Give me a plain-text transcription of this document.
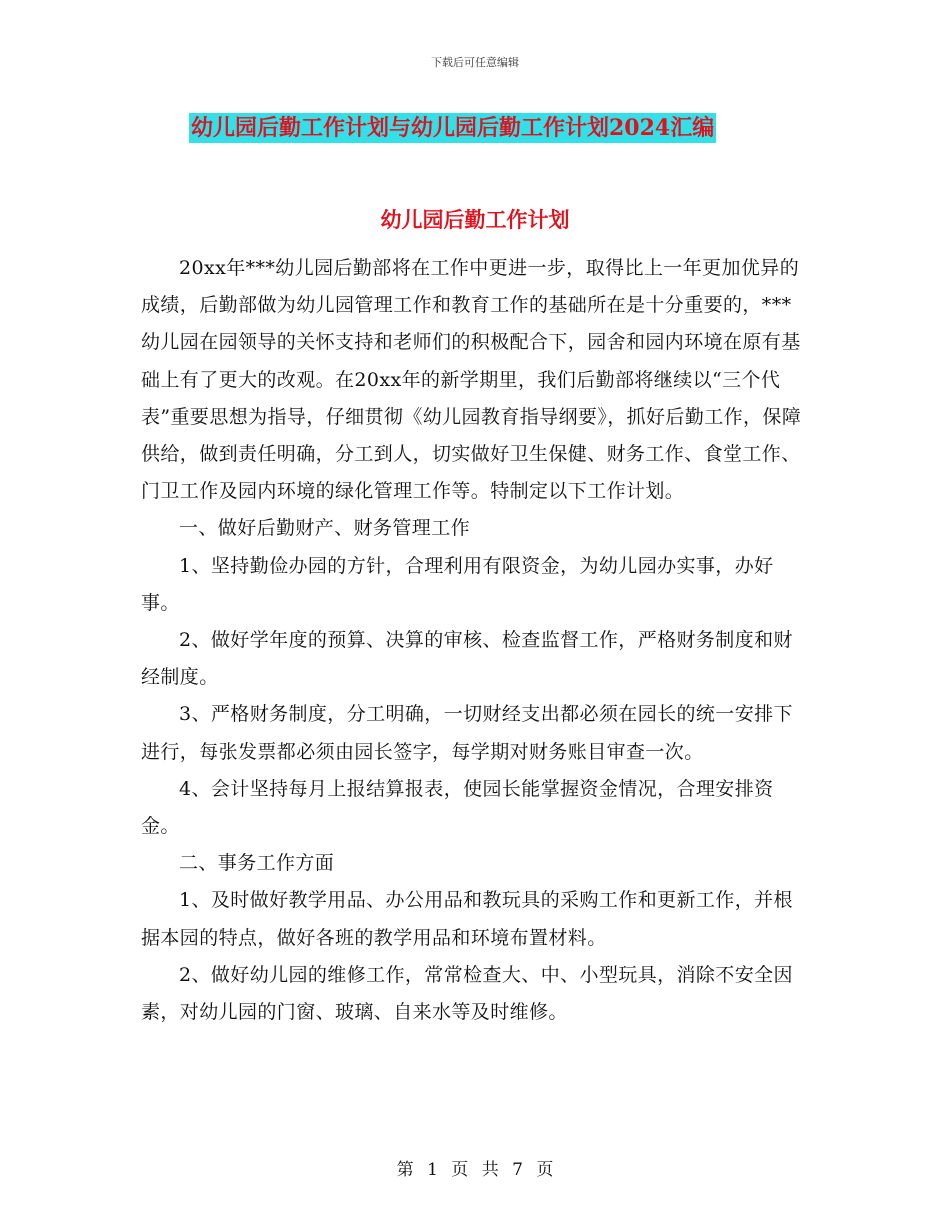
下载后可任意编辑
幼儿园后勤工作计划与幼儿园后勤工作计划2024汇编
幼儿园后勤工作计划

20xx年***幼儿园后勤部将在工作中更进一步，取得比上一年更加优异的成绩，后勤部做为幼儿园管理工作和教育工作的基础所在是十分重要的，***幼儿园在园领导的关怀支持和老师们的积极配合下，园舍和园内环境在原有基础上有了更大的改观。在20xx年的新学期里，我们后勤部将继续以“三个代表”重要思想为指导，仔细贯彻《幼儿园教育指导纲要》，抓好后勤工作，保障供给，做到责任明确，分工到人，切实做好卫生保健、财务工作、食堂工作、门卫工作及园内环境的绿化管理工作等。特制定以下工作计划。

一、做好后勤财产、财务管理工作

1、坚持勤俭办园的方针，合理利用有限资金，为幼儿园办实事，办好事。

2、做好学年度的预算、决算的审核、检查监督工作，严格财务制度和财经制度。

3、严格财务制度，分工明确，一切财经支出都必须在园长的统一安排下进行，每张发票都必须由园长签字，每学期对财务账目审查一次。

4、会计坚持每月上报结算报表，使园长能掌握资金情况，合理安排资金。

二、事务工作方面

1、及时做好教学用品、办公用品和教玩具的采购工作和更新工作，并根据本园的特点，做好各班的教学用品和环境布置材料。

2、做好幼儿园的维修工作，常常检查大、中、小型玩具，消除不安全因素，对幼儿园的门窗、玻璃、自来水等及时维修。

第 1 页 共 7 页
